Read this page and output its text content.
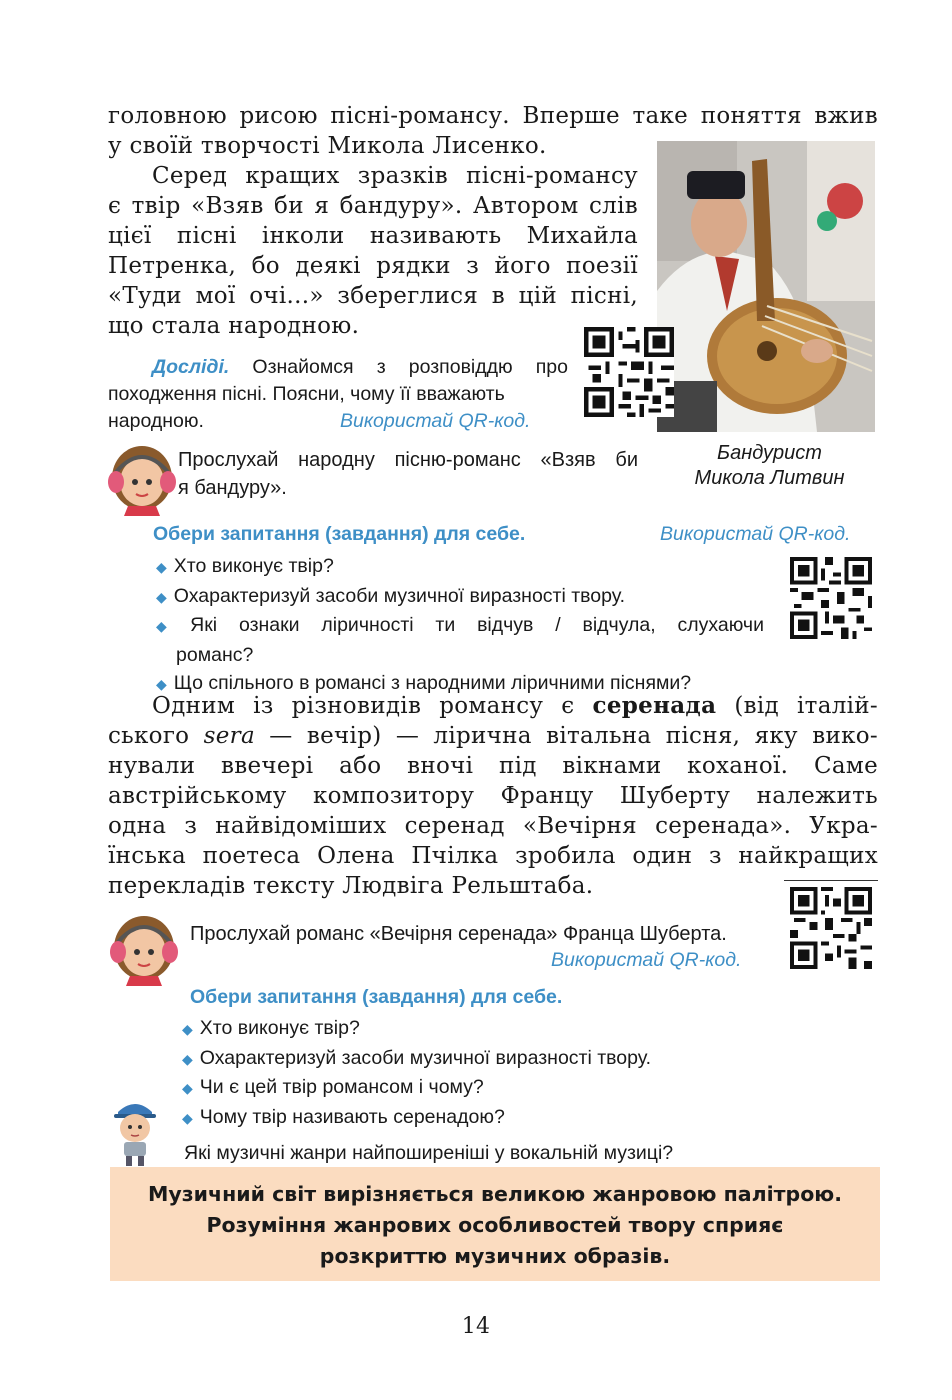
головною рисою пісні-романсу. Вперше таке поняття вжив
у своїй творчості Микола Лисенко.
Серед кращих зразків пісні-романсу
є твір «Взяв би я бандуру». Автором слів
цієї пісні інколи називають Михайла
Петренка, бо деякі рядки з його поезії
«Туди мої очі...» збереглися в цій пісні,
що стала народною.
Дослідi. Ознайомся з розповіддю про
походження пісні. Поясни, чому її вважають
народною.	Використай QR-код.
Бандурист
Микола Литвин
Прослухай народну пісню-романс «Взяв би
я бандуру».
Обери запитання (завдання) для себе.	Використай QR-код.
◆ Хто виконує твір?
◆ Охарактеризуй засоби музичної виразності твору.
◆ Які ознаки ліричності ти відчув / відчула, слухаючи
романс?
◆ Що спільного в романсі з народними ліричними піснями?
Одним із різновидів романсу є серенада (від італій-
ського sera — вечір) — лірична вітальна пісня, яку вико-
нували ввечері або вночі під вікнами коханої. Саме
австрійському композитору Францу Шуберту належить
одна з найвідоміших серенад «Вечірня серенада». Укра-
їнська поетеса Олена Пчілка зробила один з найкращих
перекладів тексту Людвіга Рельштаба.
Прослухай романс «Вечірня серенада» Франца Шуберта.
Використай QR-код.
Обери запитання (завдання) для себе.
◆ Хто виконує твір?
◆ Охарактеризуй засоби музичної виразності твору.
◆ Чи є цей твір романсом і чому?
◆ Чому твір називають серенадою?
Які музичні жанри найпоширеніші у вокальній музиці?
Музичний світ вирізняється великою жанровою палітрою.
Розуміння жанрових особливостей твору сприяє
розкриттю музичних образів.
14
